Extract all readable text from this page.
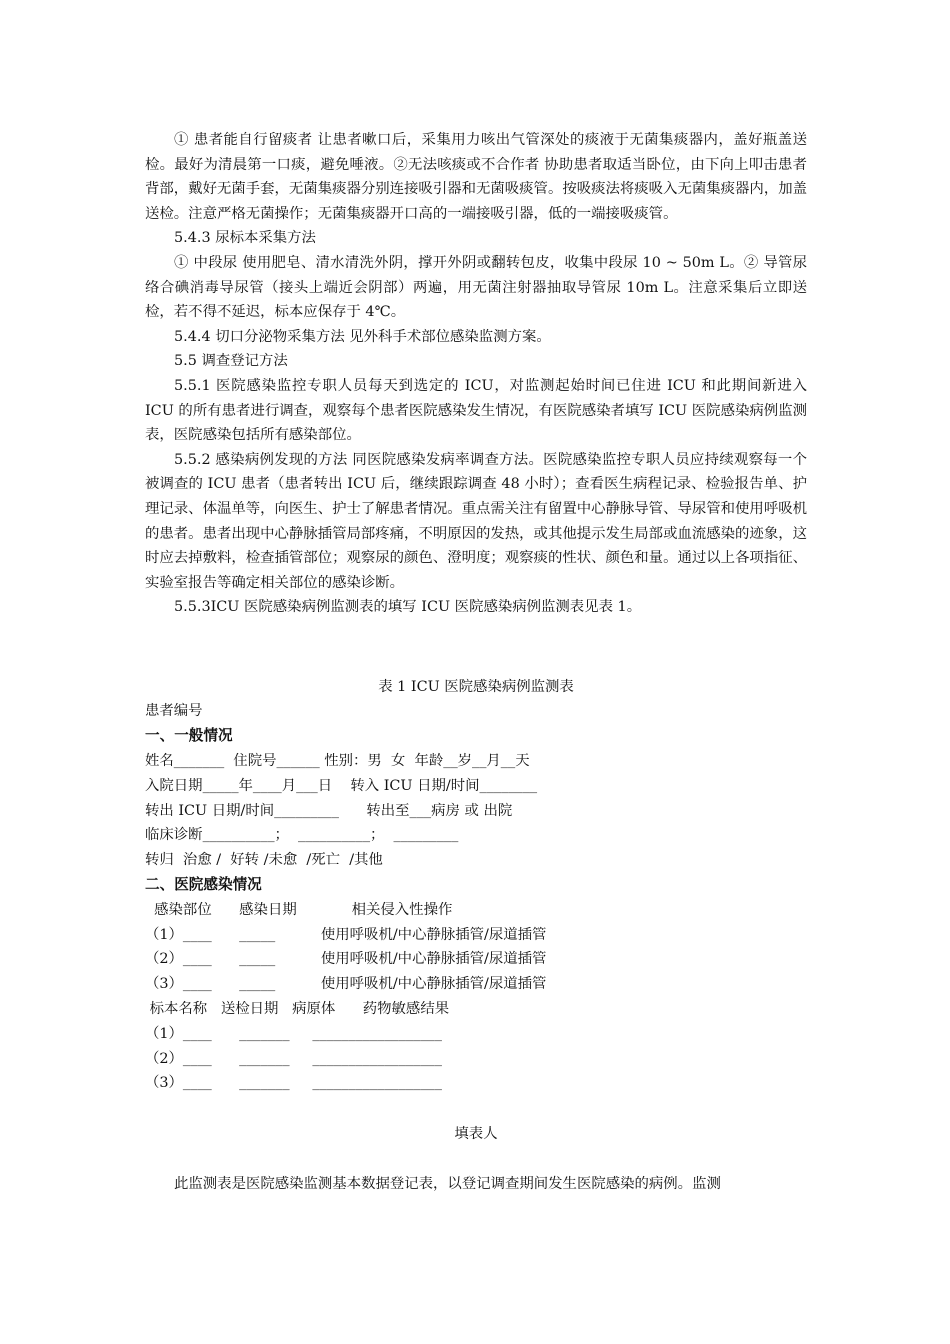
① 患者能自行留痰者 让患者嗽口后，采集用力咳出气管深处的痰液于无菌集痰器内，盖好瓶盖送检。最好为清晨第一口痰，避免唾液。②无法咳痰或不合作者 协助患者取适当卧位，由下向上叩击患者背部，戴好无菌手套，无菌集痰器分别连接吸引器和无菌吸痰管。按吸痰法将痰吸入无菌集痰器内，加盖送检。注意严格无菌操作；无菌集痰器开口高的一端接吸引器，低的一端接吸痰管。

5.4.3 尿标本采集方法

① 中段尿 使用肥皂、清水清洗外阴，撑开外阴或翻转包皮，收集中段尿 10 ~ 50m L。② 导管尿 络合碘消毒导尿管（接头上端近会阴部）两遍，用无菌注射器抽取导管尿 10m L。注意采集后立即送检，若不得不延迟，标本应保存于 4℃。

5.4.4 切口分泌物采集方法 见外科手术部位感染监测方案。

5.5 调查登记方法

5.5.1 医院感染监控专职人员每天到选定的 ICU，对监测起始时间已住进 ICU 和此期间新进入 ICU 的所有患者进行调查，观察每个患者医院感染发生情况，有医院感染者填写 ICU 医院感染病例监测表，医院感染包括所有感染部位。

5.5.2 感染病例发现的方法 同医院感染发病率调查方法。医院感染监控专职人员应持续观察每一个被调查的 ICU 患者（患者转出 ICU 后，继续跟踪调查 48 小时）；查看医生病程记录、检验报告单、护理记录、体温单等，向医生、护士了解患者情况。重点需关注有留置中心静脉导管、导尿管和使用呼吸机的患者。患者出现中心静脉插管局部疼痛，不明原因的发热，或其他提示发生局部或血流感染的迹象，这时应去掉敷料，检查插管部位；观察尿的颜色、澄明度；观察痰的性状、颜色和量。通过以上各项指征、实验室报告等确定相关部位的感染诊断。

5.5.3ICU 医院感染病例监测表的填写 ICU 医院感染病例监测表见表 1。

表 1 ICU 医院感染病例监测表

患者编号

一、一般情况

姓名_______  住院号______ 性别：男  女  年龄__岁__月__天

入院日期_____年____月___日    转入 ICU 日期/时间________

转出 ICU 日期/时间_________      转出至___病房 或 出院

临床诊断__________；  __________；  _________

转归  治愈 /  好转 /未愈  /死亡  /其他

二、医院感染情况

感染部位      感染日期            相关侵入性操作

（1）____      _____          使用呼吸机/中心静脉插管/尿道插管

（2）____      _____          使用呼吸机/中心静脉插管/尿道插管

（3）____      _____          使用呼吸机/中心静脉插管/尿道插管

标本名称   送检日期   病原体      药物敏感结果

（1）____      _______     __________________

（2）____      _______     __________________

（3）____      _______     __________________

填表人

此监测表是医院感染监测基本数据登记表，以登记调查期间发生医院感染的病例。监测
